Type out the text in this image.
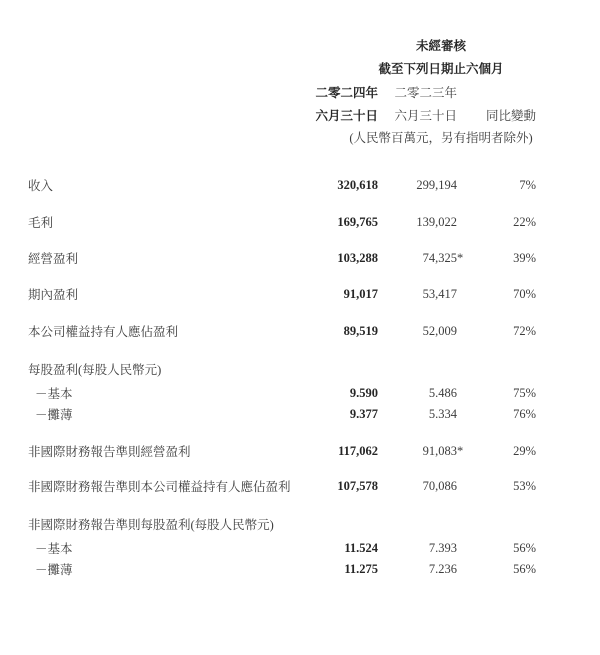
未經審核
截至下列日期止六個月
二零二四年	二零二三年
六月三十日	六月三十日	同比變動
(人民幣百萬元，另有指明者除外)
收入	320,618	299,194	7%
毛利	169,765	139,022	22%
經營盈利	103,288	74,325*	39%
期內盈利	91,017	53,417	70%
本公司權益持有人應佔盈利	89,519	52,009	72%
每股盈利(每股人民幣元)
－基本	9.590	5.486	75%
－攤薄	9.377	5.334	76%
非國際財務報告準則經營盈利	117,062	91,083*	29%
非國際財務報告準則本公司權益持有人應佔盈利	107,578	70,086	53%
非國際財務報告準則每股盈利(每股人民幣元)
－基本	11.524	7.393	56%
－攤薄	11.275	7.236	56%
